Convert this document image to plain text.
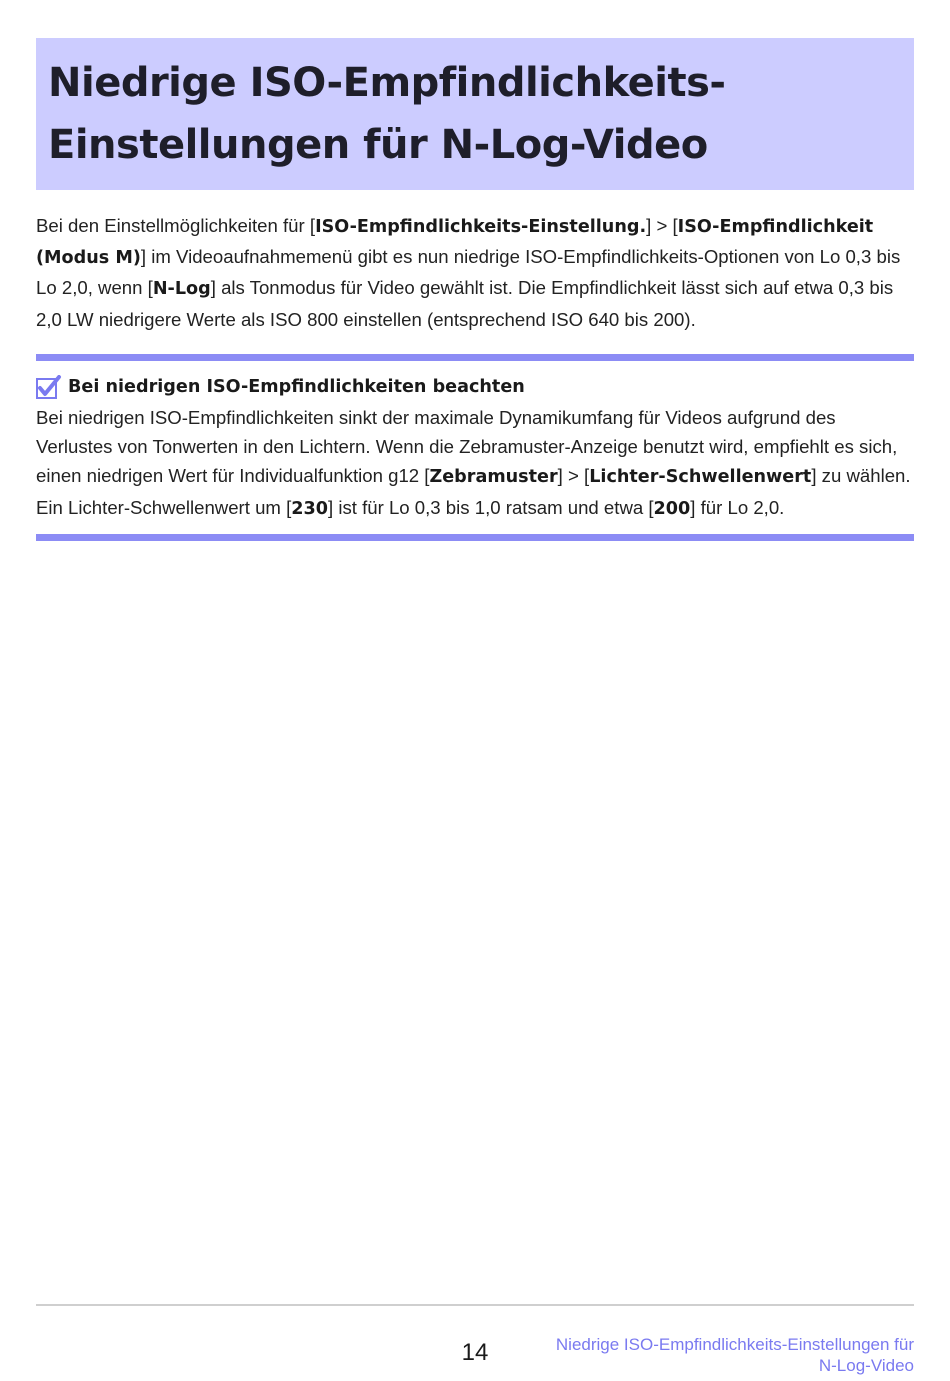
Niedrige ISO-Empfindlichkeits-
Einstellungen für N-Log-Video
Bei den Einstellmöglichkeiten für [ISO-Empfindlichkeits-Einstellung.] > [ISO-Empfindlichkeit (Modus M)] im Videoaufnahmemenü gibt es nun niedrige ISO-Empfindlichkeits-Optionen von Lo 0,3 bis Lo 2,0, wenn [N-Log] als Tonmodus für Video gewählt ist. Die Empfindlichkeit lässt sich auf etwa 0,3 bis 2,0 LW niedrigere Werte als ISO 800 einstellen (entsprechend ISO 640 bis 200).
Bei niedrigen ISO-Empfindlichkeiten beachten
Bei niedrigen ISO-Empfindlichkeiten sinkt der maximale Dynamikumfang für Videos aufgrund des Verlustes von Tonwerten in den Lichtern. Wenn die Zebramuster-Anzeige benutzt wird, empfiehlt es sich, einen niedrigen Wert für Individualfunktion g12 [Zebramuster] > [Lichter-Schwellenwert] zu wählen. Ein Lichter-Schwellenwert um [230] ist für Lo 0,3 bis 1,0 ratsam und etwa [200] für Lo 2,0.
14	Niedrige ISO-Empfindlichkeits-Einstellungen für
N-Log-Video
